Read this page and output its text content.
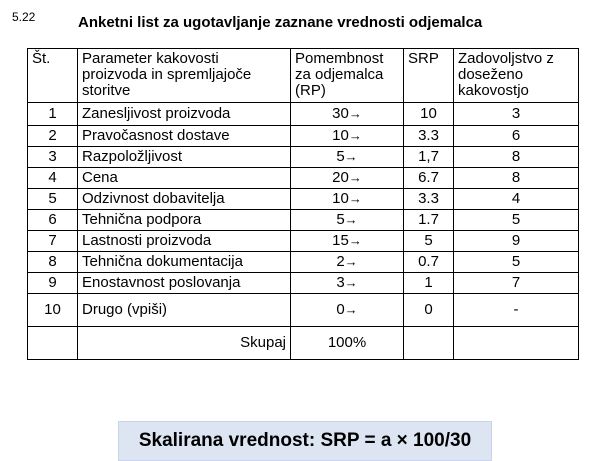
5.22	Anketni list za ugotavljanje zaznane vrednosti odjemalca
Št.	Parameter kakovosti proizvoda in spremljajoče storitve	Pomembnost za odjemalca (RP)	SRP	Zadovoljstvo z doseženo kakovostjo
1	Zanesljivost proizvoda	30→	10	3
2	Pravočasnost dostave	10→	3.3	6
3	Razpoložljivost	5→	1,7	8
4	Cena	20→	6.7	8
5	Odzivnost dobavitelja	10→	3.3	4
6	Tehnična podpora	5→	1.7	5
7	Lastnosti proizvoda	15→	5	9
8	Tehnična dokumentacija	2→	0.7	5
9	Enostavnost poslovanja	3→	1	7
10	Drugo (vpiši)	0→	0	-
	Skupaj	100%		
Skalirana vrednost: SRP = a × 100/30
